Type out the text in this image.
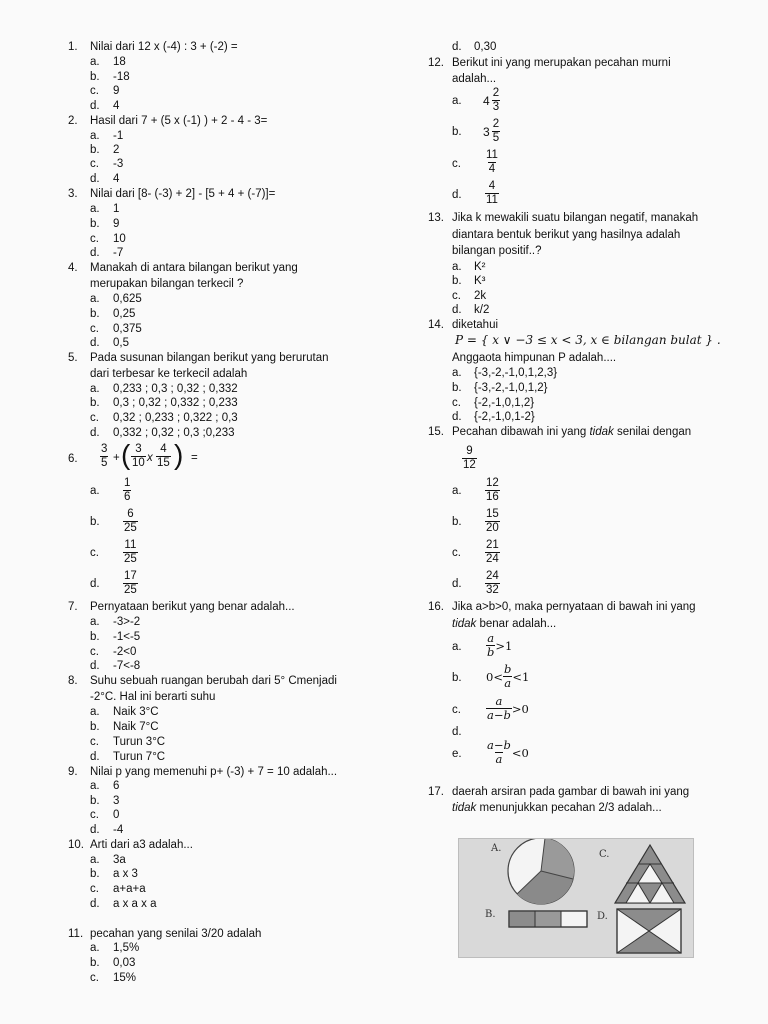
1. Nilai dari 12 x (-4) : 3 + (-2) =
a. 18
b. -18
c. 9
d. 4
2. Hasil dari 7 + (5 x (-1) ) + 2 - 4 - 3=
a. -1
b. 2
c. -3
d. 4
3. Nilai dari [8- (-3) + 2] - [5 + 4 + (-7)]=
a. 1
b. 9
c. 10
d. -7
4. Manakah di antara bilangan berikut yang
merupakan bilangan terkecil ?
a. 0,625
b. 0,25
c. 0,375
d. 0,5
5. Pada susunan bilangan berikut yang berurutan
dari terbesar ke terkecil adalah
a. 0,233 ; 0,3 ; 0,32 ; 0,332
b. 0,3 ; 0,32 ; 0,332 ; 0,233
c. 0,32 ; 0,233 ; 0,322 ; 0,3
d. 0,332 ; 0,32 ; 0,3 ;0,233
6. $\frac{3}{5}$ + ( $\frac{3}{10}$ x $\frac{4}{15}$ ) =
a. $\frac{1}{6}$
b. $\frac{6}{25}$
c. $\frac{11}{25}$
d. $\frac{17}{25}$
7. Pernyataan berikut yang benar adalah...
a. -3>-2
b. -1<-5
c. -2<0
d. -7<-8
8. Suhu sebuah ruangan berubah dari 5° Cmenjadi
-2°C. Hal ini berarti suhu
a. Naik 3°C
b. Naik 7°C
c. Turun 3°C
d. Turun 7°C
9. Nilai p yang memenuhi p+ (-3) + 7 = 10 adalah...
a. 6
b. 3
c. 0
d. -4
10. Arti dari a3 adalah...
a. 3a
b. a x 3
c. a+a+a
d. a x a x a
11. pecahan yang senilai 3/20 adalah
a. 1,5%
b. 0,03
c. 15%
d. 0,30
12. Berikut ini yang merupakan pecahan murni
adalah...
a. $4 \frac{2}{3}$
b. $3 \frac{2}{5}$
c. $\frac{11}{4}$
d. $\frac{4}{11}$
13. Jika k mewakili suatu bilangan negatif, manakah
diantara bentuk berikut yang hasilnya adalah
bilangan positif..?
a. K²
b. K³
c. 2k
d. k/2
14. diketahui
P = { x ∨ −3 ≤ x < 3, x ∈ bilangan bulat } .
Anggaota himpunan P adalah....
a. {-3,-2,-1,0,1,2,3}
b. {-3,-2,-1,0,1,2}
c. {-2,-1,0,1,2}
d. {-2,-1,0,1-2}
15. Pecahan dibawah ini yang tidak senilai dengan
$\frac{9}{12}$
a. $\frac{12}{16}$
b. $\frac{15}{20}$
c. $\frac{21}{24}$
d. $\frac{24}{32}$
16. Jika a>b>0, maka pernyataan di bawah ini yang
tidak benar adalah...
a. $\frac{a}{b} >1$
b. $0< \frac{b}{a} <1$
c. $\frac{a}{a-b} >0$
d.
e. $\frac{a-b}{a} <0$
17. daerah arsiran pada gambar di bawah ini yang
tidak menunjukkan pecahan 2/3 adalah...
A.
C.
B.	D.
